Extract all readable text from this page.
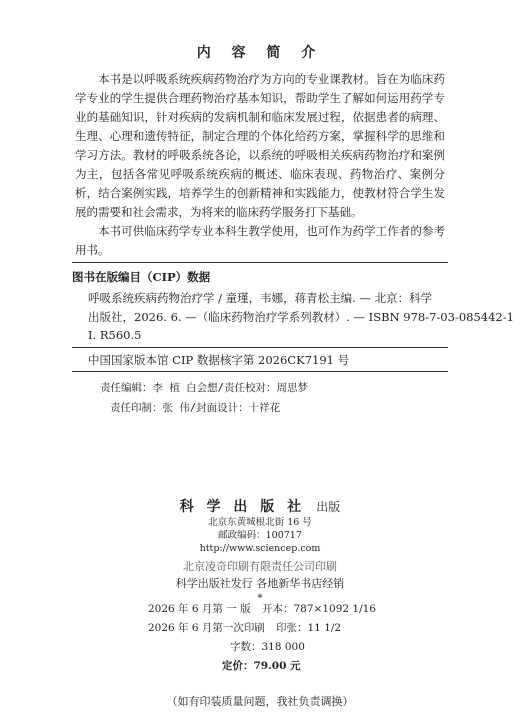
内 容 简 介

本书是以呼吸系统疾病药物治疗为方向的专业课教材。旨在为临床药学专业的学生提供合理药物治疗基本知识，帮助学生了解如何运用药学专业的基础知识，针对疾病的发病机制和临床发展过程，依据患者的病理、生理、心理和遗传特征，制定合理的个体化给药方案，掌握科学的思维和学习方法。教材的呼吸系统各论，以系统的呼吸相关疾病药物治疗和案例为主，包括各常见呼吸系统疾病的概述、临床表现、药物治疗、案例分析，结合案例实践，培养学生的创新精神和实践能力，使教材符合学生发展的需要和社会需求，为将来的临床药学服务打下基础。

本书可供临床药学专业本科生教学使用，也可作为药学工作者的参考用书。

图书在版编目（CIP）数据
呼吸系统疾病药物治疗学 / 童瑾，韦娜，蒋青松主编. — 北京：科学
出版社，2026. 6. —（临床药物治疗学系列教材）. — ISBN 978-7-03-085442-1
Ⅰ. R560.5
中国国家版本馆 CIP 数据核字第 2026CK7191 号
责任编辑：李 植 白会想/责任校对：周思梦
责任印制：张 伟/封面设计：十祥花
科 学 出 版 社 出版
北京东黄城根北街 16 号
邮政编码：100717
http://www.sciencep.com
北京凌奇印刷有限责任公司印刷
科学出版社发行 各地新华书店经销
*
2026 年 6 月第 一 版 开本：787×1092 1/16
2026 年 6 月第一次印刷 印张：11 1/2
字数：318 000
定价：79.00 元
（如有印装质量问题，我社负责调换）
